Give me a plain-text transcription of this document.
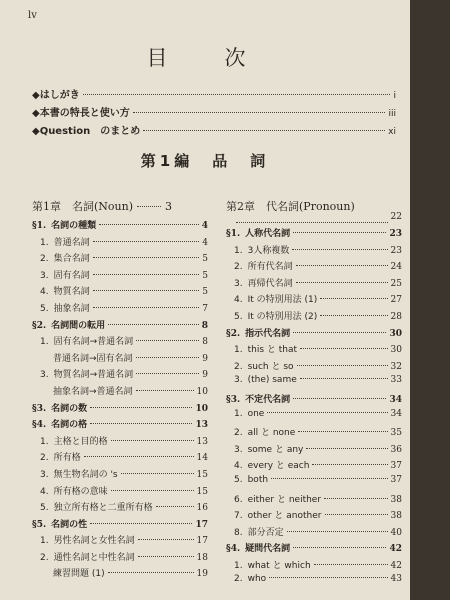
lv
目　次
◆はしがき	i
◆本書の特長と使い方	iii
◆Question　のまとめ	xi
第1編　品　詞
第1章　名詞(Noun)	3
§1. 名詞の種類	4
1. 普通名詞	4
2. 集合名詞	5
3. 固有名詞	5
4. 物質名詞	5
5. 抽象名詞	7
§2. 名詞間の転用	8
1. 固有名詞→普通名詞	8
普通名詞→固有名詞	9
3. 物質名詞→普通名詞	9
抽象名詞→普通名詞	10
§3. 名詞の数	10
§4. 名詞の格	13
1. 主格と目的格	13
2. 所有格	14
3. 無生物名詞の 's	15
4. 所有格の意味	15
5. 独立所有格と二重所有格	16
§5. 名詞の性	17
1. 男性名詞と女性名詞	17
2. 通性名詞と中性名詞	18
練習問題 (1)	19
第2章　代名詞(Pronoun)
22
§1. 人称代名詞	23
1. 3人称複数	23
2. 所有代名詞	24
3. 再帰代名詞	25
4. It の特別用法 (1)	27
5. It の特別用法 (2)	28
§2. 指示代名詞	30
1. this と that	30
2. such と so	32
3. (the) same	33
§3. 不定代名詞	34
1. one	34
2. all と none	35
3. some と any	36
4. every と each	37
5. both	37
6. either と neither	38
7. other と another	38
8. 部分否定	40
§4. 疑問代名詞	42
1. what と which	42
2. who	43
